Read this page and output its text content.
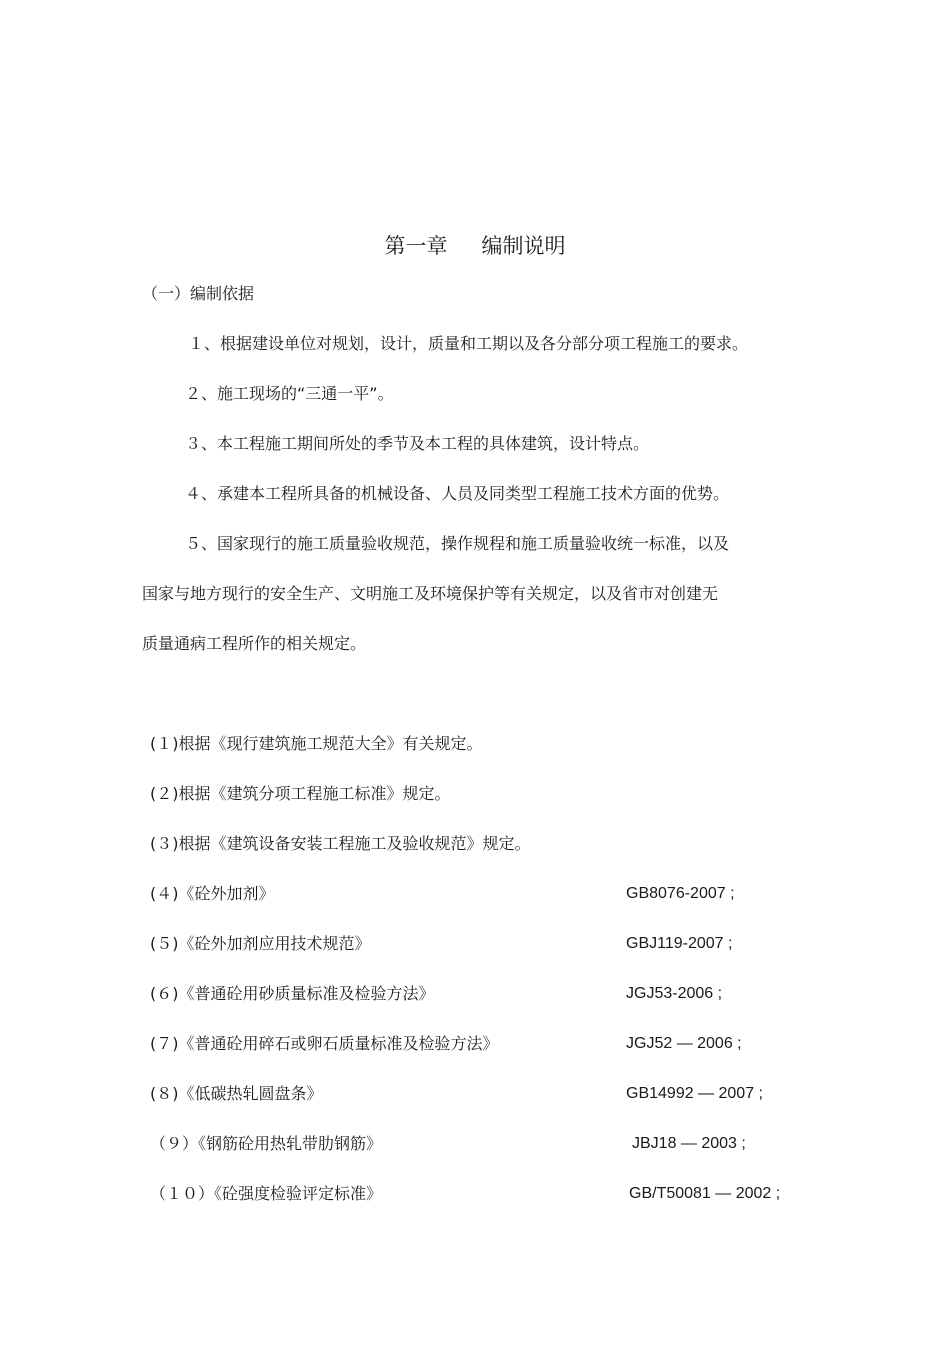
第一章 编制说明

（一）编制依据

１、根据建设单位对规划，设计，质量和工期以及各分部分项工程施工的要求。

２、施工现场的“三通一平”。

３、本工程施工期间所处的季节及本工程的具体建筑，设计特点。

４、承建本工程所具备的机械设备、人员及同类型工程施工技术方面的优势。

５、国家现行的施工质量验收规范，操作规程和施工质量验收统一标准，以及

国家与地方现行的安全生产、文明施工及环境保护等有关规定，以及省市对创建无

质量通病工程所作的相关规定。

(１)根据《现行建筑施工规范大全》有关规定。

(２)根据《建筑分项工程施工标准》规定。

(３)根据《建筑设备安装工程施工及验收规范》规定。

(４)《砼外加剂》	GB8076-2007 ;

(５)《砼外加剂应用技术规范》	GBJ119-2007 ;

(６)《普通砼用砂质量标准及检验方法》	JGJ53-2006 ;

(７)《普通砼用碎石或卵石质量标准及检验方法》	JGJ52 — 2006 ;

(８)《低碳热轧圆盘条》	GB14992 — 2007 ;

（９）《钢筋砼用热轧带肋钢筋》	JBJ18 — 2003 ;

（１０）《砼强度检验评定标准》	GB/T50081 — 2002 ;
